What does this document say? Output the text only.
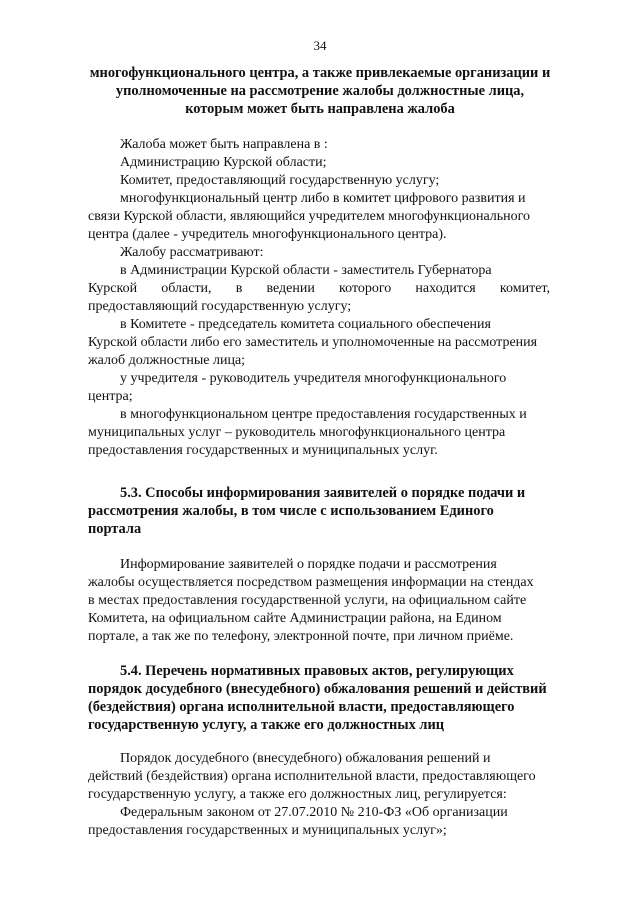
34
многофункционального центра, а также привлекаемые организации и
уполномоченные на рассмотрение жалобы должностные лица,
которым может быть направлена жалоба
Жалоба может быть направлена в :
Администрацию Курской области;
Комитет, предоставляющий государственную услугу;
многофункциональный центр либо в комитет цифрового развития и
связи Курской области, являющийся учредителем многофункционального
центра (далее - учредитель многофункционального центра).
Жалобу рассматривают:
в Администрации Курской области - заместитель Губернатора
Курской области, в ведении которого находится комитет,
предоставляющий государственную услугу;
в Комитете - председатель комитета социального обеспечения
Курской области либо его заместитель и уполномоченные на рассмотрения
жалоб должностные лица;
у учредителя - руководитель учредителя многофункционального
центра;
в многофункциональном центре предоставления государственных и
муниципальных услуг – руководитель многофункционального центра
предоставления государственных и муниципальных услуг.
5.3. Способы информирования заявителей о порядке подачи и
рассмотрения жалобы, в том числе с использованием Единого
портала
Информирование заявителей о порядке подачи и рассмотрения
жалобы осуществляется посредством размещения информации на стендах
в местах предоставления государственной услуги, на официальном сайте
Комитета, на официальном сайте Администрации района, на Едином
портале, а так же по телефону, электронной почте, при личном приёме.
5.4. Перечень нормативных правовых актов, регулирующих
порядок досудебного (внесудебного) обжалования решений и действий
(бездействия) органа исполнительной власти, предоставляющего
государственную услугу, а также его должностных лиц
Порядок досудебного (внесудебного) обжалования решений и
действий (бездействия) органа исполнительной власти, предоставляющего
государственную услугу, а также его должностных лиц, регулируется:
Федеральным законом от 27.07.2010 № 210-ФЗ «Об организации
предоставления государственных и муниципальных услуг»;
